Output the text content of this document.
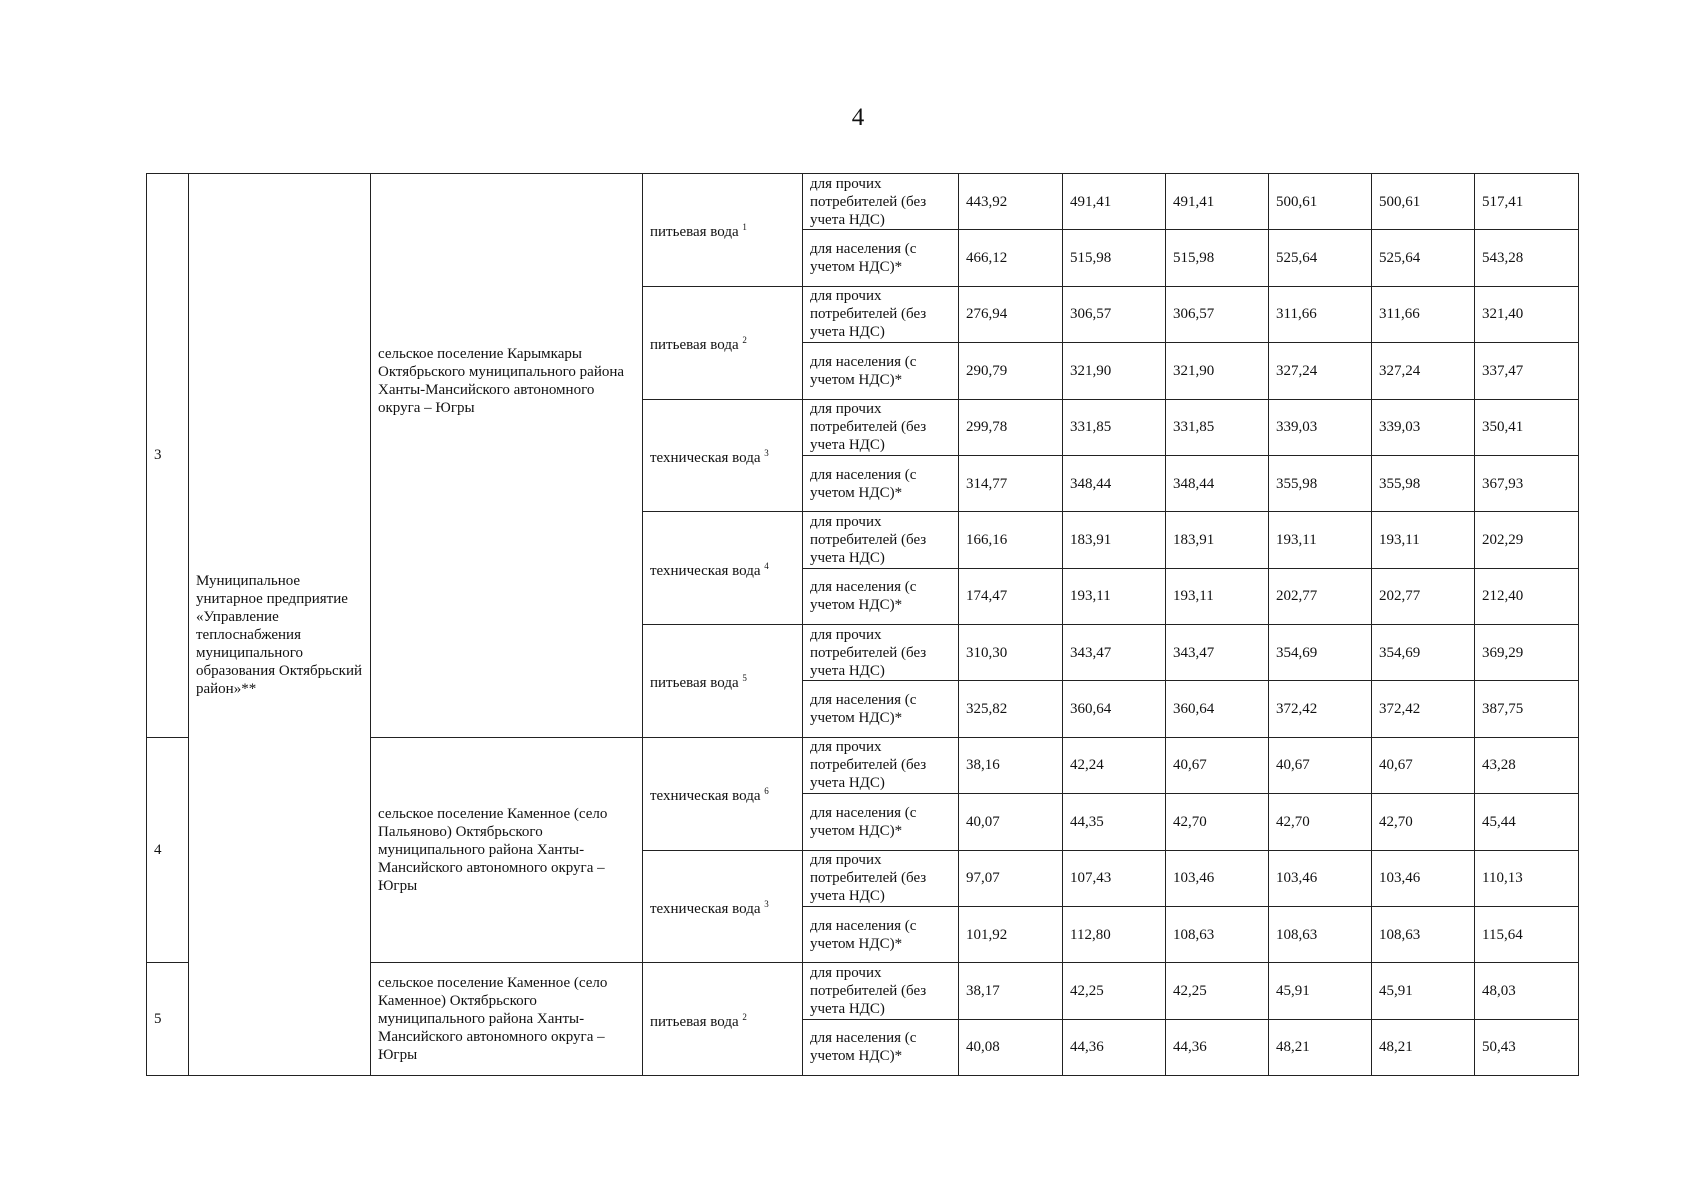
4
3	Муниципальное унитарное предприятие «Управление теплоснабжения муниципального образования Октябрьский район»**	сельское поселение Карымкары Октябрьского муниципального района Ханты-Мансийского автономного округа – Югры	питьевая вода $^1$	для прочих потребителей (без учета НДС)	443,92	491,41	491,41	500,61	500,61	517,41
				для населения (с учетом НДС)*	466,12	515,98	515,98	525,64	525,64	543,28
			питьевая вода $^2$	для прочих потребителей (без учета НДС)	276,94	306,57	306,57	311,66	311,66	321,40
				для населения (с учетом НДС)*	290,79	321,90	321,90	327,24	327,24	337,47
			техническая вода $^3$	для прочих потребителей (без учета НДС)	299,78	331,85	331,85	339,03	339,03	350,41
				для населения (с учетом НДС)*	314,77	348,44	348,44	355,98	355,98	367,93
			техническая вода $^4$	для прочих потребителей (без учета НДС)	166,16	183,91	183,91	193,11	193,11	202,29
				для населения (с учетом НДС)*	174,47	193,11	193,11	202,77	202,77	212,40
			питьевая вода $^5$	для прочих потребителей (без учета НДС)	310,30	343,47	343,47	354,69	354,69	369,29
				для населения (с учетом НДС)*	325,82	360,64	360,64	372,42	372,42	387,75
4		сельское поселение Каменное (село Пальяново) Октябрьского муниципального района Ханты-Мансийского автономного округа – Югры	техническая вода $^6$	для прочих потребителей (без учета НДС)	38,16	42,24	40,67	40,67	40,67	43,28
				для населения (с учетом НДС)*	40,07	44,35	42,70	42,70	42,70	45,44
			техническая вода $^3$	для прочих потребителей (без учета НДС)	97,07	107,43	103,46	103,46	103,46	110,13
				для населения (с учетом НДС)*	101,92	112,80	108,63	108,63	108,63	115,64
5		сельское поселение Каменное (село Каменное) Октябрьского муниципального района Ханты-Мансийского автономного округа – Югры	питьевая вода $^2$	для прочих потребителей (без учета НДС)	38,17	42,25	42,25	45,91	45,91	48,03
				для населения (с учетом НДС)*	40,08	44,36	44,36	48,21	48,21	50,43
